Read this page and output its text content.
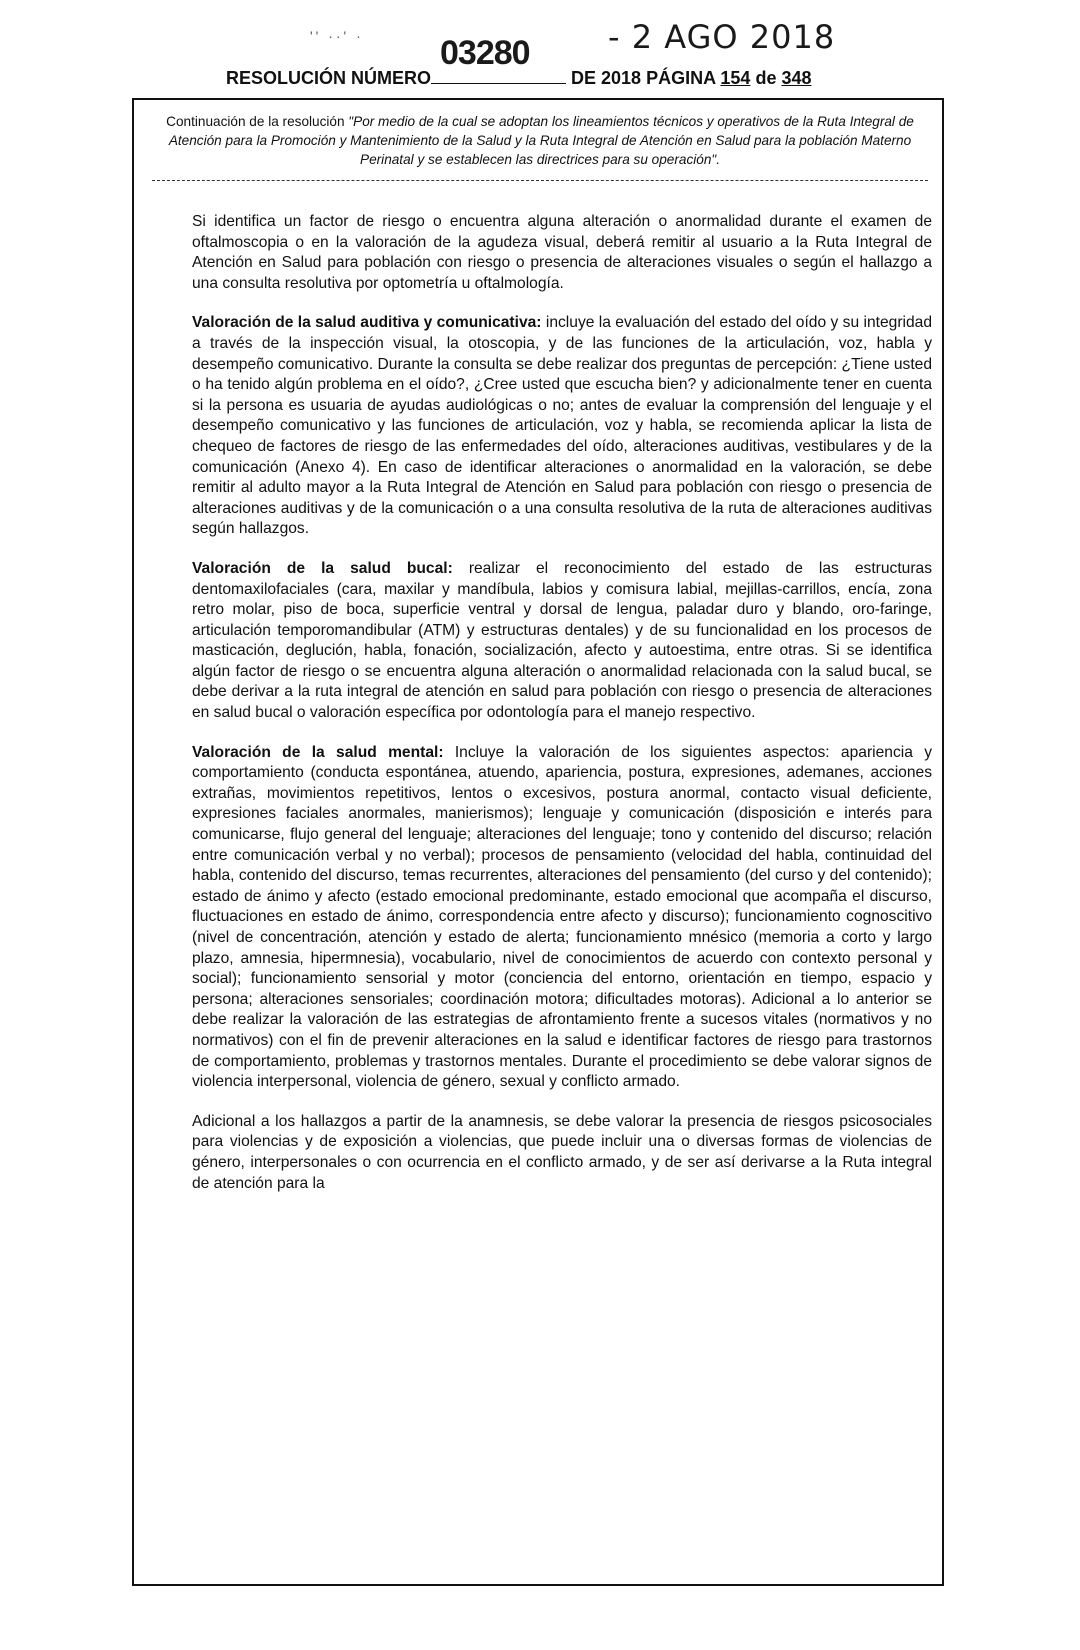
'' ··' · 03280 - 2 AGO 2018
RESOLUCIÓN NÚMERO	DE 2018 PÁGINA 154 de 348
Continuación de la resolución "Por medio de la cual se adoptan los lineamientos técnicos y operativos de la Ruta Integral de Atención para la Promoción y Mantenimiento de la Salud y la Ruta Integral de Atención en Salud para la población Materno Perinatal y se establecen las directrices para su operación".

Si identifica un factor de riesgo o encuentra alguna alteración o anormalidad durante el examen de oftalmoscopia o en la valoración de la agudeza visual, deberá remitir al usuario a la Ruta Integral de Atención en Salud para población con riesgo o presencia de alteraciones visuales o según el hallazgo a una consulta resolutiva por optometría u oftalmología.

Valoración de la salud auditiva y comunicativa: incluye la evaluación del estado del oído y su integridad a través de la inspección visual, la otoscopia, y de las funciones de la articulación, voz, habla y desempeño comunicativo. Durante la consulta se debe realizar dos preguntas de percepción: ¿Tiene usted o ha tenido algún problema en el oído?, ¿Cree usted que escucha bien? y adicionalmente tener en cuenta si la persona es usuaria de ayudas audiológicas o no; antes de evaluar la comprensión del lenguaje y el desempeño comunicativo y las funciones de articulación, voz y habla, se recomienda aplicar la lista de chequeo de factores de riesgo de las enfermedades del oído, alteraciones auditivas, vestibulares y de la comunicación (Anexo 4). En caso de identificar alteraciones o anormalidad en la valoración, se debe remitir al adulto mayor a la Ruta Integral de Atención en Salud para población con riesgo o presencia de alteraciones auditivas y de la comunicación o a una consulta resolutiva de la ruta de alteraciones auditivas según hallazgos.

Valoración de la salud bucal: realizar el reconocimiento del estado de las estructuras dentomaxilofaciales (cara, maxilar y mandíbula, labios y comisura labial, mejillas-carrillos, encía, zona retro molar, piso de boca, superficie ventral y dorsal de lengua, paladar duro y blando, oro-faringe, articulación temporomandibular (ATM) y estructuras dentales) y de su funcionalidad en los procesos de masticación, deglución, habla, fonación, socialización, afecto y autoestima, entre otras. Si se identifica algún factor de riesgo o se encuentra alguna alteración o anormalidad relacionada con la salud bucal, se debe derivar a la ruta integral de atención en salud para población con riesgo o presencia de alteraciones en salud bucal o valoración específica por odontología para el manejo respectivo.

Valoración de la salud mental: Incluye la valoración de los siguientes aspectos: apariencia y comportamiento (conducta espontánea, atuendo, apariencia, postura, expresiones, ademanes, acciones extrañas, movimientos repetitivos, lentos o excesivos, postura anormal, contacto visual deficiente, expresiones faciales anormales, manierismos); lenguaje y comunicación (disposición e interés para comunicarse, flujo general del lenguaje; alteraciones del lenguaje; tono y contenido del discurso; relación entre comunicación verbal y no verbal); procesos de pensamiento (velocidad del habla, continuidad del habla, contenido del discurso, temas recurrentes, alteraciones del pensamiento (del curso y del contenido); estado de ánimo y afecto (estado emocional predominante, estado emocional que acompaña el discurso, fluctuaciones en estado de ánimo, correspondencia entre afecto y discurso); funcionamiento cognoscitivo (nivel de concentración, atención y estado de alerta; funcionamiento mnésico (memoria a corto y largo plazo, amnesia, hipermnesia), vocabulario, nivel de conocimientos de acuerdo con contexto personal y social); funcionamiento sensorial y motor (conciencia del entorno, orientación en tiempo, espacio y persona; alteraciones sensoriales; coordinación motora; dificultades motoras). Adicional a lo anterior se debe realizar la valoración de las estrategias de afrontamiento frente a sucesos vitales (normativos y no normativos) con el fin de prevenir alteraciones en la salud e identificar factores de riesgo para trastornos de comportamiento, problemas y trastornos mentales. Durante el procedimiento se debe valorar signos de violencia interpersonal, violencia de género, sexual y conflicto armado.

Adicional a los hallazgos a partir de la anamnesis, se debe valorar la presencia de riesgos psicosociales para violencias y de exposición a violencias, que puede incluir una o diversas formas de violencias de género, interpersonales o con ocurrencia en el conflicto armado, y de ser así derivarse a la Ruta integral de atención para la
